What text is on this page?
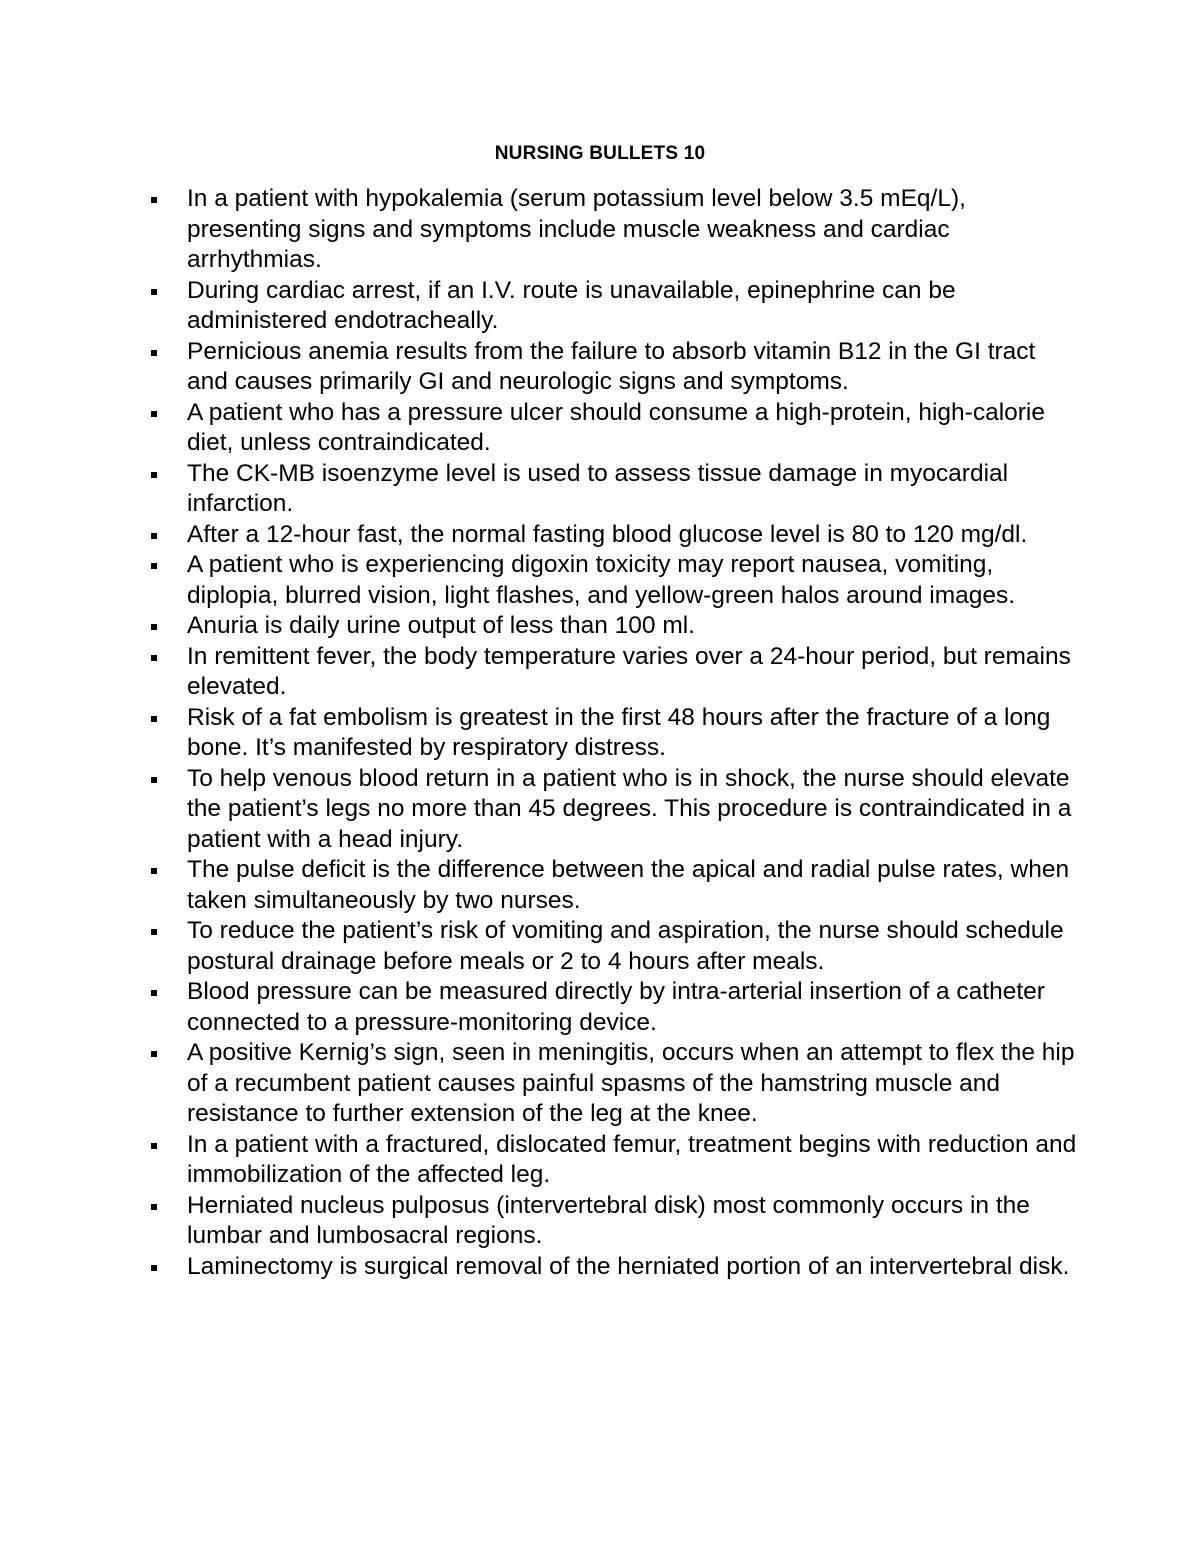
NURSING BULLETS 10
In a patient with hypokalemia (serum potassium level below 3.5 mEq/L), presenting signs and symptoms include muscle weakness and cardiac arrhythmias.
During cardiac arrest, if an I.V. route is unavailable, epinephrine can be administered endotracheally.
Pernicious anemia results from the failure to absorb vitamin B12 in the GI tract and causes primarily GI and neurologic signs and symptoms.
A patient who has a pressure ulcer should consume a high-protein, high-calorie diet, unless contraindicated.
The CK-MB isoenzyme level is used to assess tissue damage in myocardial infarction.
After a 12-hour fast, the normal fasting blood glucose level is 80 to 120 mg/dl.
A patient who is experiencing digoxin toxicity may report nausea, vomiting, diplopia, blurred vision, light flashes, and yellow-green halos around images.
Anuria is daily urine output of less than 100 ml.
In remittent fever, the body temperature varies over a 24-hour period, but remains elevated.
Risk of a fat embolism is greatest in the first 48 hours after the fracture of a long bone. It’s manifested by respiratory distress.
To help venous blood return in a patient who is in shock, the nurse should elevate the patient’s legs no more than 45 degrees. This procedure is contraindicated in a patient with a head injury.
The pulse deficit is the difference between the apical and radial pulse rates, when taken simultaneously by two nurses.
To reduce the patient’s risk of vomiting and aspiration, the nurse should schedule postural drainage before meals or 2 to 4 hours after meals.
Blood pressure can be measured directly by intra-arterial insertion of a catheter connected to a pressure-monitoring device.
A positive Kernig’s sign, seen in meningitis, occurs when an attempt to flex the hip of a recumbent patient causes painful spasms of the hamstring muscle and resistance to further extension of the leg at the knee.
In a patient with a fractured, dislocated femur, treatment begins with reduction and immobilization of the affected leg.
Herniated nucleus pulposus (intervertebral disk) most commonly occurs in the lumbar and lumbosacral regions.
Laminectomy is surgical removal of the herniated portion of an intervertebral disk.
